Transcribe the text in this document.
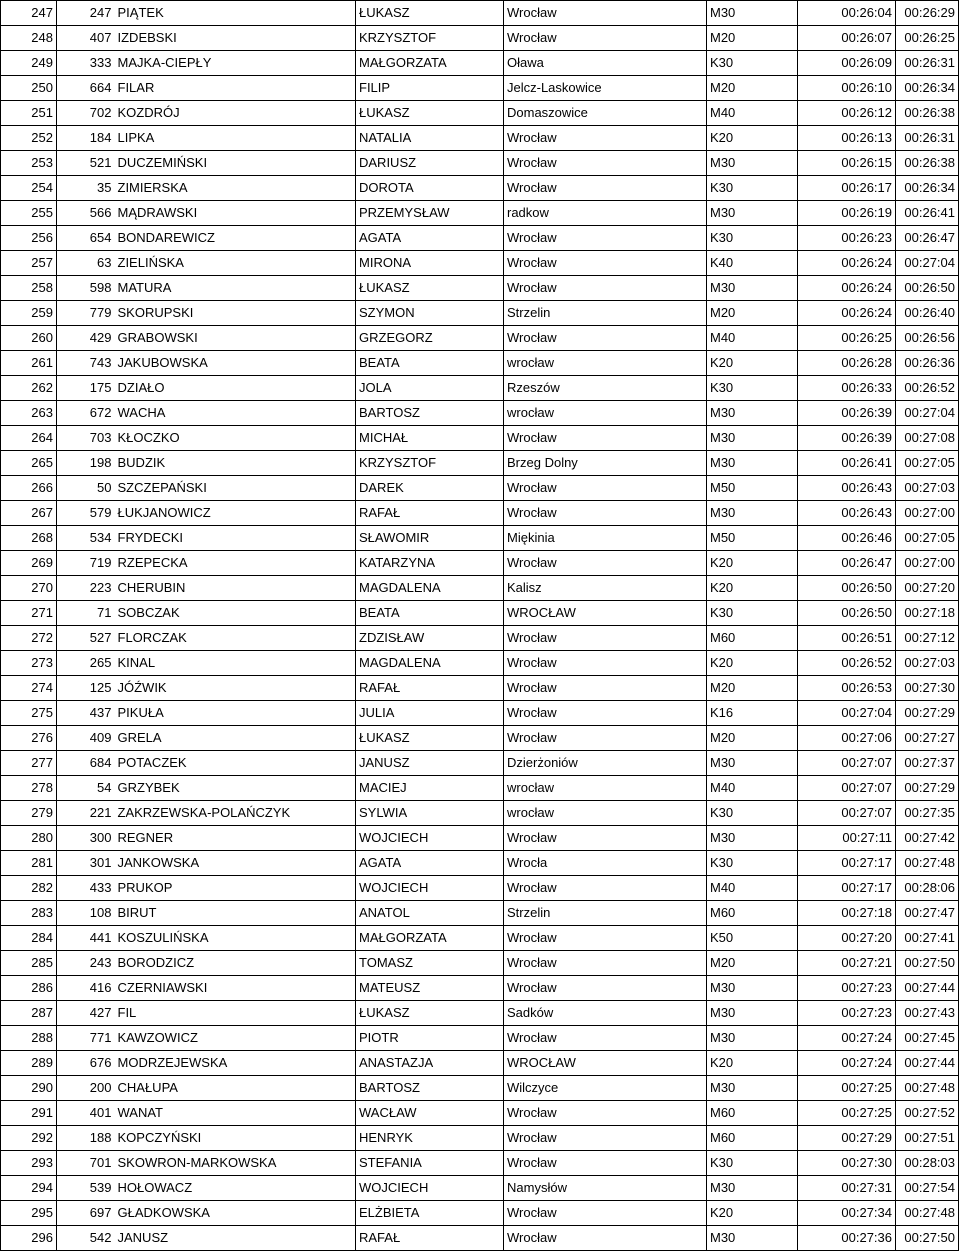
247	247	PIĄTEK	ŁUKASZ	Wrocław	M30	00:26:04	00:26:29
248	407	IZDEBSKI	KRZYSZTOF	Wrocław	M20	00:26:07	00:26:25
249	333	MAJKA-CIEPŁY	MAŁGORZATA	Oława	K30	00:26:09	00:26:31
250	664	FILAR	FILIP	Jelcz-Laskowice	M20	00:26:10	00:26:34
251	702	KOZDRÓJ	ŁUKASZ	Domaszowice	M40	00:26:12	00:26:38
252	184	LIPKA	NATALIA	Wrocław	K20	00:26:13	00:26:31
253	521	DUCZEMIŃSKI	DARIUSZ	Wrocław	M30	00:26:15	00:26:38
254	35	ZIMIERSKA	DOROTA	Wrocław	K30	00:26:17	00:26:34
255	566	MĄDRAWSKI	PRZEMYSŁAW	radkow	M30	00:26:19	00:26:41
256	654	BONDAREWICZ	AGATA	Wrocław	K30	00:26:23	00:26:47
257	63	ZIELIŃSKA	MIRONA	Wrocław	K40	00:26:24	00:27:04
258	598	MATURA	ŁUKASZ	Wrocław	M30	00:26:24	00:26:50
259	779	SKORUPSKI	SZYMON	Strzelin	M20	00:26:24	00:26:40
260	429	GRABOWSKI	GRZEGORZ	Wrocław	M40	00:26:25	00:26:56
261	743	JAKUBOWSKA	BEATA	wrocław	K20	00:26:28	00:26:36
262	175	DZIAŁO	JOLA	Rzeszów	K30	00:26:33	00:26:52
263	672	WACHA	BARTOSZ	wrocław	M30	00:26:39	00:27:04
264	703	KŁOCZKO	MICHAŁ	Wrocław	M30	00:26:39	00:27:08
265	198	BUDZIK	KRZYSZTOF	Brzeg Dolny	M30	00:26:41	00:27:05
266	50	SZCZEPAŃSKI	DAREK	Wrocław	M50	00:26:43	00:27:03
267	579	ŁUKJANOWICZ	RAFAŁ	Wrocław	M30	00:26:43	00:27:00
268	534	FRYDECKI	SŁAWOMIR	Miękinia	M50	00:26:46	00:27:05
269	719	RZEPECKA	KATARZYNA	Wrocław	K20	00:26:47	00:27:00
270	223	CHERUBIN	MAGDALENA	Kalisz	K20	00:26:50	00:27:20
271	71	SOBCZAK	BEATA	WROCŁAW	K30	00:26:50	00:27:18
272	527	FLORCZAK	ZDZISŁAW	Wrocław	M60	00:26:51	00:27:12
273	265	KINAL	MAGDALENA	Wrocław	K20	00:26:52	00:27:03
274	125	JÓŹWIK	RAFAŁ	Wrocław	M20	00:26:53	00:27:30
275	437	PIKUŁA	JULIA	Wrocław	K16	00:27:04	00:27:29
276	409	GRELA	ŁUKASZ	Wrocław	M20	00:27:06	00:27:27
277	684	POTACZEK	JANUSZ	Dzierżoniów	M30	00:27:07	00:27:37
278	54	GRZYBEK	MACIEJ	wrocław	M40	00:27:07	00:27:29
279	221	ZAKRZEWSKA-POLAŃCZYK	SYLWIA	wrocław	K30	00:27:07	00:27:35
280	300	REGNER	WOJCIECH	Wrocław	M30	00:27:11	00:27:42
281	301	JANKOWSKA	AGATA	Wrocła	K30	00:27:17	00:27:48
282	433	PRUKOP	WOJCIECH	Wrocław	M40	00:27:17	00:28:06
283	108	BIRUT	ANATOL	Strzelin	M60	00:27:18	00:27:47
284	441	KOSZULIŃSKA	MAŁGORZATA	Wrocław	K50	00:27:20	00:27:41
285	243	BORODZICZ	TOMASZ	Wrocław	M20	00:27:21	00:27:50
286	416	CZERNIAWSKI	MATEUSZ	Wrocław	M30	00:27:23	00:27:44
287	427	FIL	ŁUKASZ	Sadków	M30	00:27:23	00:27:43
288	771	KAWZOWICZ	PIOTR	Wrocław	M30	00:27:24	00:27:45
289	676	MODRZEJEWSKA	ANASTAZJA	WROCŁAW	K20	00:27:24	00:27:44
290	200	CHAŁUPA	BARTOSZ	Wilczyce	M30	00:27:25	00:27:48
291	401	WANAT	WACŁAW	Wrocław	M60	00:27:25	00:27:52
292	188	KOPCZYŃSKI	HENRYK	Wrocław	M60	00:27:29	00:27:51
293	701	SKOWRON-MARKOWSKA	STEFANIA	Wrocław	K30	00:27:30	00:28:03
294	539	HOŁOWACZ	WOJCIECH	Namysłów	M30	00:27:31	00:27:54
295	697	GŁADKOWSKA	ELŻBIETA	Wrocław	K20	00:27:34	00:27:48
296	542	JANUSZ	RAFAŁ	Wrocław	M30	00:27:36	00:27:50
